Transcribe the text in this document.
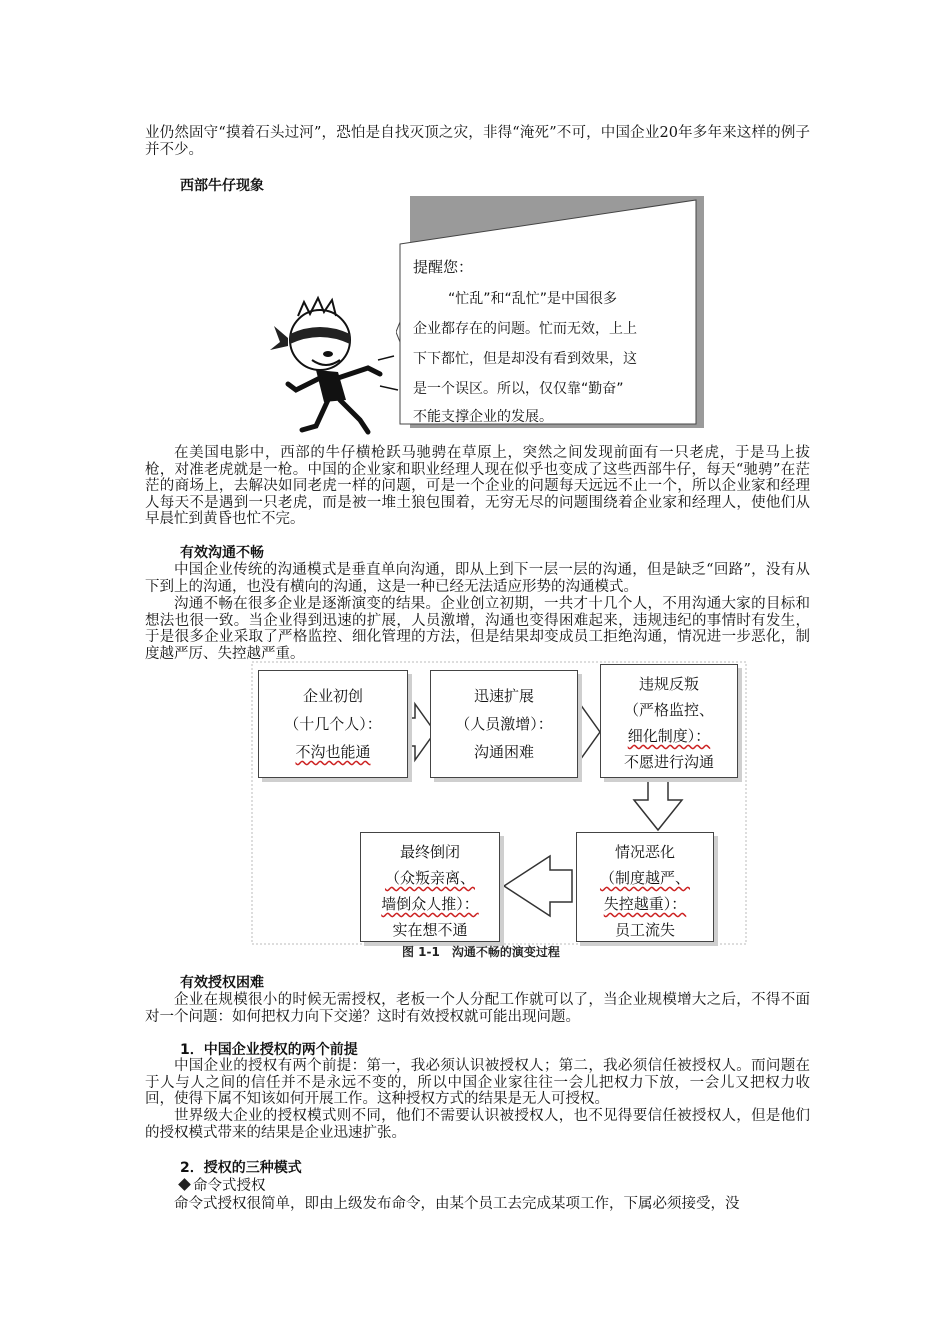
业仍然固守“摸着石头过河”，恐怕是自找灭顶之灾，非得“淹死”不可，中国企业20年多年来这样的例子并不少。

西部牛仔现象

提醒您：
“忙乱”和“乱忙”是中国很多
企业都存在的问题。忙而无效，上上
下下都忙，但是却没有看到效果，这
是一个误区。所以，仅仅靠“勤奋”
不能支撑企业的发展。

在美国电影中，西部的牛仔横枪跃马驰骋在草原上，突然之间发现前面有一只老虎，于是马上拔枪，对准老虎就是一枪。中国的企业家和职业经理人现在似乎也变成了这些西部牛仔，每天“驰骋”在茫茫的商场上，去解决如同老虎一样的问题，可是一个企业的问题每天远远不止一个，所以企业家和经理人每天不是遇到一只老虎，而是被一堆土狼包围着，无穷无尽的问题围绕着企业家和经理人，使他们从早晨忙到黄昏也忙不完。

有效沟通不畅

中国企业传统的沟通模式是垂直单向沟通，即从上到下一层一层的沟通，但是缺乏“回路”，没有从下到上的沟通，也没有横向的沟通，这是一种已经无法适应形势的沟通模式。

沟通不畅在很多企业是逐渐演变的结果。企业创立初期，一共才十几个人，不用沟通大家的目标和想法也很一致。当企业得到迅速的扩展，人员激增，沟通也变得困难起来，违规违纪的事情时有发生，于是很多企业采取了严格监控、细化管理的方法，但是结果却变成员工拒绝沟通，情况进一步恶化，制度越严厉、失控越严重。

企业初创
（十几个人）：
不沟也能通
迅速扩展
（人员激增）：
沟通困难
违规反叛
（严格监控、
细化制度）：
不愿进行沟通
情况恶化
（制度越严、
失控越重）：
员工流失
最终倒闭
（众叛亲离、
墙倒众人推）：
实在想不通
图 1-1　沟通不畅的演变过程

有效授权困难

企业在规模很小的时候无需授权，老板一个人分配工作就可以了，当企业规模增大之后，不得不面对一个问题：如何把权力向下交递？这时有效授权就可能出现问题。

1．中国企业授权的两个前提

中国企业的授权有两个前提：第一，我必须认识被授权人；第二，我必须信任被授权人。而问题在于人与人之间的信任并不是永远不变的，所以中国企业家往往一会儿把权力下放，一会儿又把权力收回，使得下属不知该如何开展工作。这种授权方式的结果是无人可授权。

世界级大企业的授权模式则不同，他们不需要认识被授权人，也不见得要信任被授权人，但是他们的授权模式带来的结果是企业迅速扩张。

2．授权的三种模式

命令式授权

命令式授权很简单，即由上级发布命令，由某个员工去完成某项工作，下属必须接受，没
